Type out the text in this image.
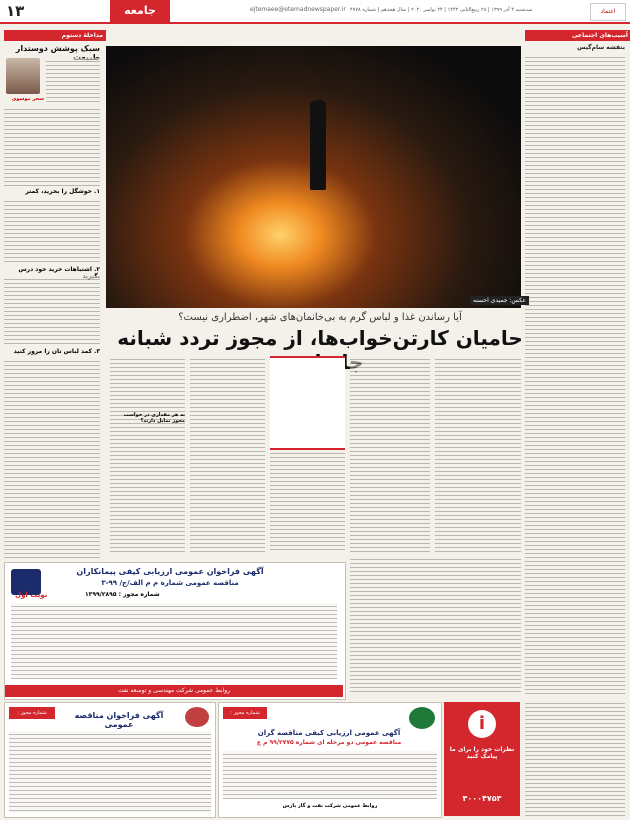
۱۳	جامعه	ejtemaee@etemadnewspaper.ir سه‌شنبه ۴ آذر ۱۳۹۹ | ۲۸ ربیع‌الثانی ۱۴۴۲ | ۲۴ نوامبر ۲۰۲۰ | سال هجدهم | شماره ۴۷۷۸	اعتماد
مداخلهٔ دستوم
سبک پوشش دوستدار
سحر موسوی
۱. خوشگل را بخرید، کمتر
۲. اشتباهات خرید خود درس
۳. کمد لباس تان را مرور کنید
آسیب‌های اجتماعی
بنفشه سام‌گیس
عکس: جمیدی احسنه
آیا رساندن غذا و لباس گرم به بی‌خانمان‌های شهر، اضطراری نیست؟
حامیان کارتن‌خواب‌ها، از مجوز تردد شبانه
به هر مقداری در خواست مجوز تمایل دارند؟
آگهی فراخوان عمومی ارزیابی کیفی پیمانکاران
مناقصه عمومی شماره م م الف/ج/ ۹۹-۳
نوبت اول	شماره مجوز : ۱۳۹۹/۲۸۹۵
روابط عمومی شرکت مهندسی و توسعه نفت
شماره مجوز : ۱۳۹۹/۴۸۶۷
آگهی فراخوان مناقصه عمومی
شماره مجوز : ۱۳۹۹/۳۷۱۴
آگهی عمومی ارزیابی کیفی مناقصه گران
مناقصه عمومی دو مرحله ای شماره ۹۹/۲۷۷۵ م ع
روابط عمومی شرکت نفت و گاز پارس
i
نظرات خود را برای ما پیامک کنید
۳۰۰۰۴۷۵۳
